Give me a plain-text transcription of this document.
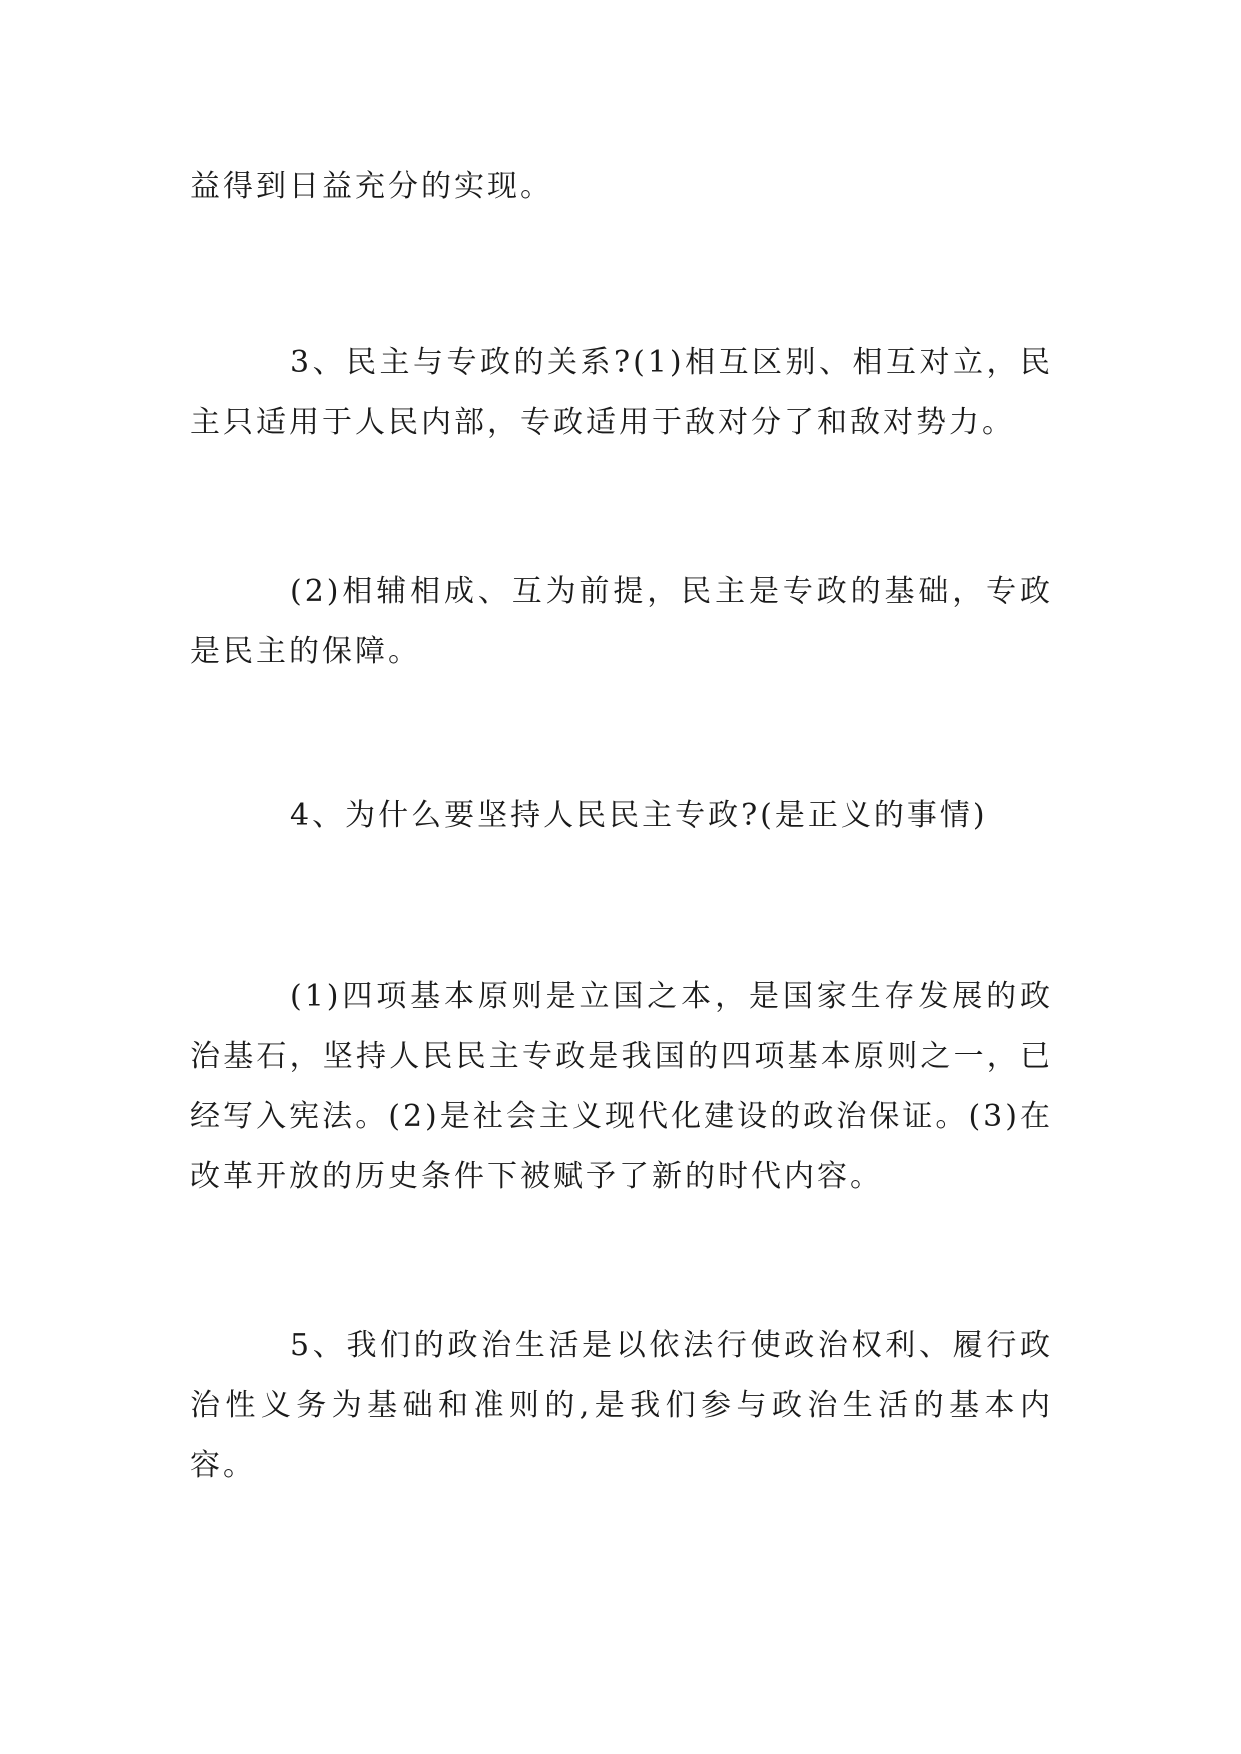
益得到日益充分的实现。

3、民主与专政的关系?(1)相互区别、相互对立，民主只适用于人民内部，专政适用于敌对分了和敌对势力。

(2)相辅相成、互为前提，民主是专政的基础，专政是民主的保障。

4、为什么要坚持人民民主专政?(是正义的事情)

(1)四项基本原则是立国之本，是国家生存发展的政治基石，坚持人民民主专政是我国的四项基本原则之一，已经写入宪法。(2)是社会主义现代化建设的政治保证。(3)在改革开放的历史条件下被赋予了新的时代内容。

5、我们的政治生活是以依法行使政治权利、履行政治性义务为基础和准则的,是我们参与政治生活的基本内容。
